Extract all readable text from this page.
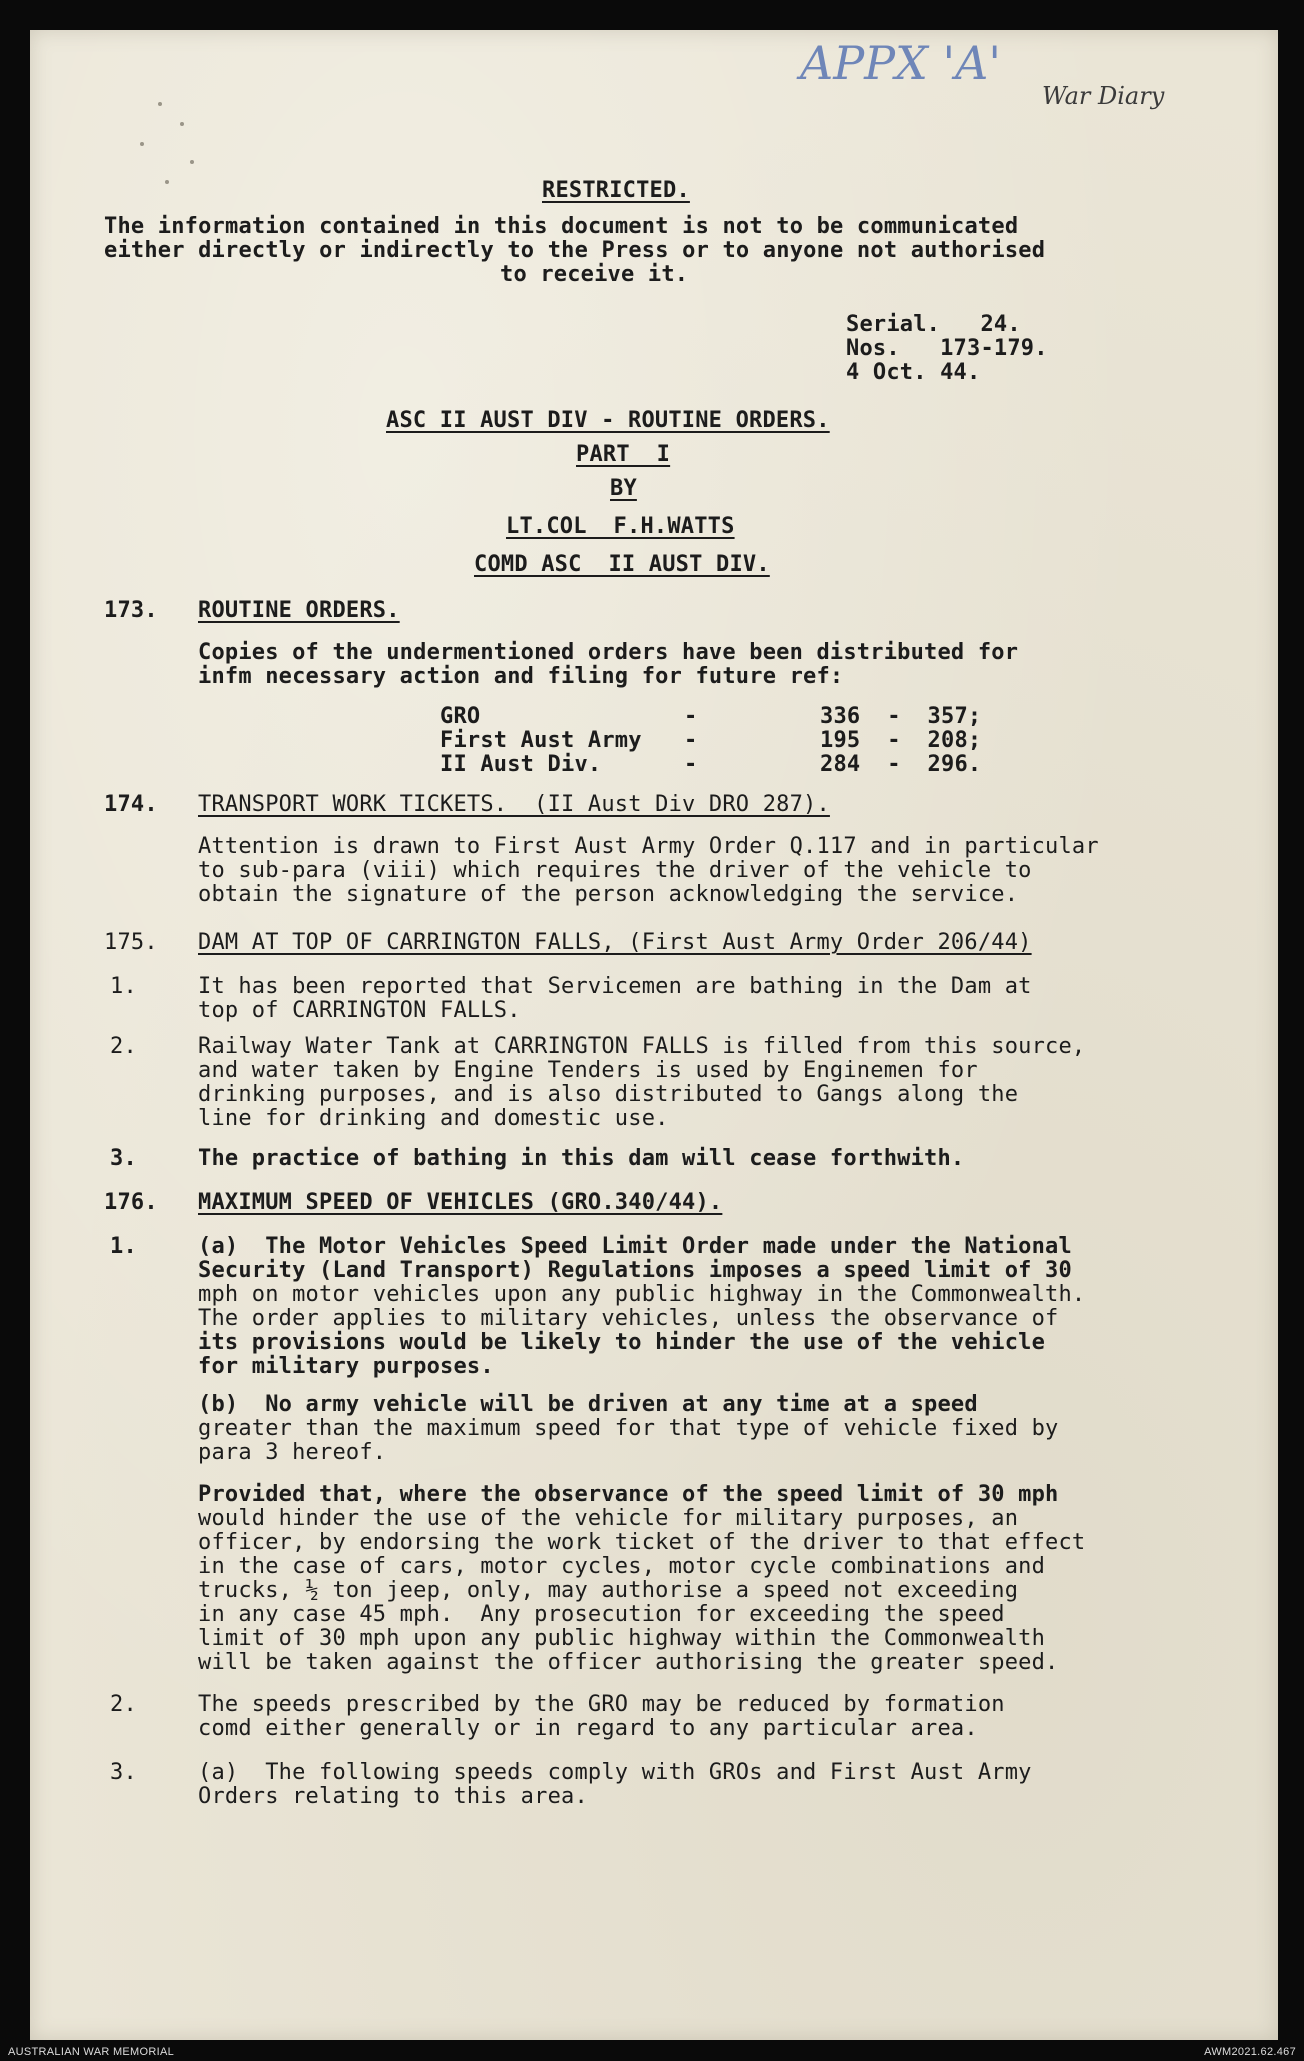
APPX 'A'
War Diary
RESTRICTED.
The information contained in this document is not to be communicated
either directly or indirectly to the Press or to anyone not authorised
to receive it.
Serial.   24.
Nos.   173-179.
4 Oct. 44.
ASC II AUST DIV - ROUTINE ORDERS.
PART  I
BY
LT.COL  F.H.WATTS
COMD ASC  II AUST DIV.
173. ROUTINE ORDERS.
Copies of the undermentioned orders have been distributed for
infm necessary action and filing for future ref:
GRO	-	336  -  357;
First Aust Army -	195  -  208;
II Aust Div.	-	284  -  296.
174. TRANSPORT WORK TICKETS.  (II Aust Div DRO 287).
Attention is drawn to First Aust Army Order Q.117 and in particular
to sub-para (viii) which requires the driver of the vehicle to
obtain the signature of the person acknowledging the service.
175. DAM AT TOP OF CARRINGTON FALLS, (First Aust Army Order 206/44)
1.	It has been reported that Servicemen are bathing in the Dam at
top of CARRINGTON FALLS.
2.	Railway Water Tank at CARRINGTON FALLS is filled from this source,
and water taken by Engine Tenders is used by Enginemen for
drinking purposes, and is also distributed to Gangs along the
line for drinking and domestic use.
3.	The practice of bathing in this dam will cease forthwith.
176. MAXIMUM SPEED OF VEHICLES (GRO.340/44).
1.	(a)  The Motor Vehicles Speed Limit Order made under the National
Security (Land Transport) Regulations imposes a speed limit of 30
mph on motor vehicles upon any public highway in the Commonwealth.
The order applies to military vehicles, unless the observance of
its provisions would be likely to hinder the use of the vehicle
for military purposes.
(b)  No army vehicle will be driven at any time at a speed
greater than the maximum speed for that type of vehicle fixed by
para 3 hereof.
Provided that, where the observance of the speed limit of 30 mph
would hinder the use of the vehicle for military purposes, an
officer, by endorsing the work ticket of the driver to that effect
in the case of cars, motor cycles, motor cycle combinations and
trucks, ½ ton jeep, only, may authorise a speed not exceeding
in any case 45 mph.  Any prosecution for exceeding the speed
limit of 30 mph upon any public highway within the Commonwealth
will be taken against the officer authorising the greater speed.
2.	The speeds prescribed by the GRO may be reduced by formation
comd either generally or in regard to any particular area.
3.	(a)  The following speeds comply with GROs and First Aust Army
Orders relating to this area.
AUSTRALIAN WAR MEMORIAL	AWM2021.62.467
